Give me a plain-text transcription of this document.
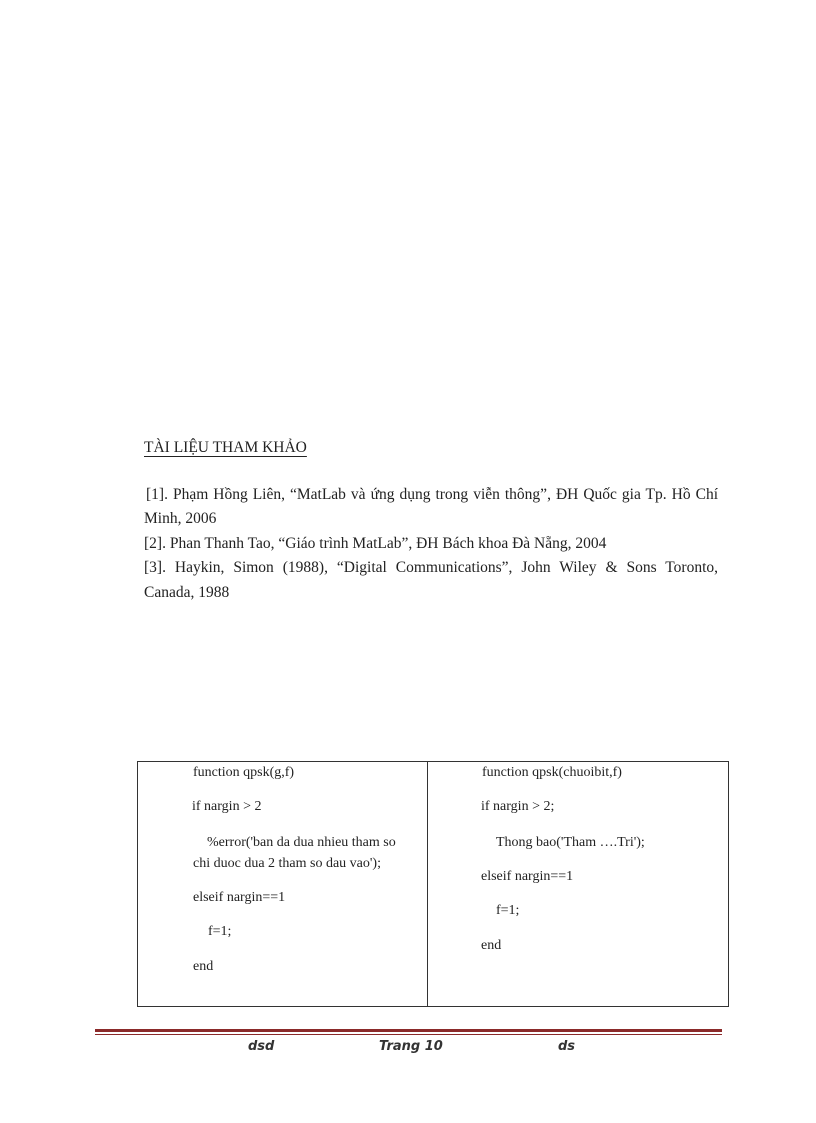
TÀI LIỆU THAM KHẢO
[1]. Phạm Hồng Liên, “MatLab và ứng dụng trong viễn thông”, ĐH Quốc gia Tp. Hồ Chí Minh, 2006
[2]. Phan Thanh Tao, “Giáo trình MatLab”, ĐH Bách khoa Đà Nẵng, 2004
[3]. Haykin, Simon (1988), “Digital Communications”, John Wiley & Sons Toronto, Canada, 1988
function qpsk(g,f)
if nargin > 2
%error('ban da dua nhieu tham so
chi duoc dua 2 tham so dau vao');
elseif nargin==1
f=1;
end
function qpsk(chuoibit,f)
if nargin > 2;
Thong bao('Tham ….Tri');
elseif nargin==1
f=1;
end
dsd	Trang 10	ds
